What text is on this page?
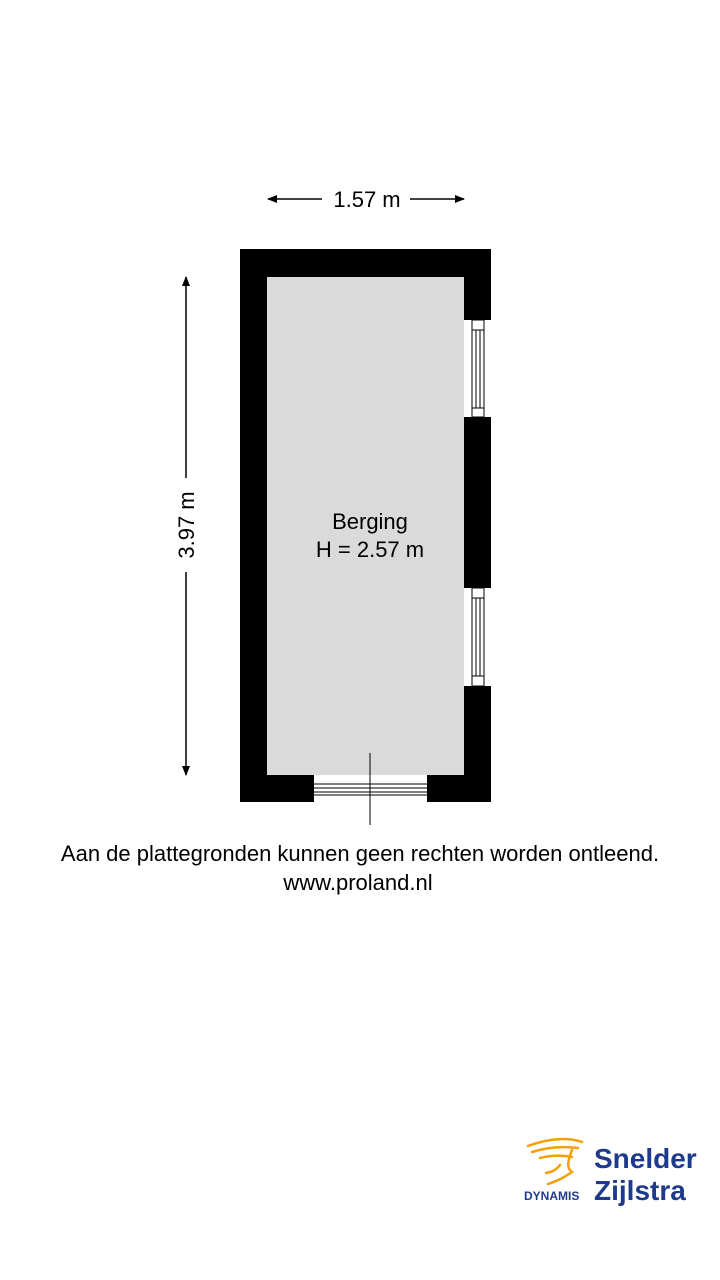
1.57 m
3.97 m	Berging
H = 2.57 m
Aan de plattegronden kunnen geen rechten worden ontleend.
www.proland.nl
DYNAMIS
Snelder
Zijlstra
